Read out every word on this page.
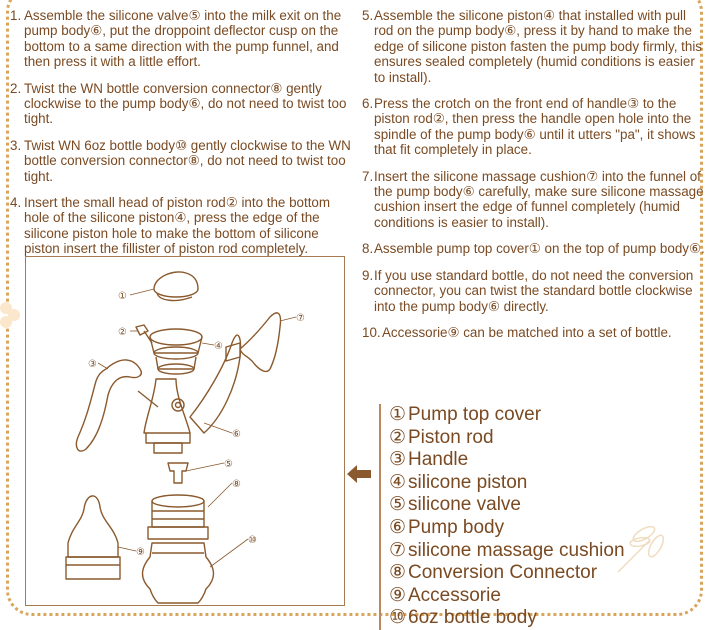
1. Assemble the silicone valve⑤ into the milk exit on the pump body⑥, put the droppoint deflector cusp on the bottom to a same direction with the pump funnel, and then press it with a little effort.
2. Twist the WN bottle conversion connector⑧ gently clockwise to the pump body⑥, do not need to twist too tight.
3. Twist WN 6oz bottle body⑩ gently clockwise to the WN bottle conversion connector⑧, do not need to twist too tight.
4. Insert the small head of piston rod② into the bottom hole of the silicone piston④, press the edge of the silicone piston hole to make the bottom of silicone piston insert the fillister of piston rod completely.
5. Assemble the silicone piston④ that installed with pull rod on the pump body⑥, press it by hand to make the edge of silicone piston fasten the pump body firmly, this ensures sealed completely (humid conditions is easier to install).
6. Press the crotch on the front end of handle③ to the piston rod②, then press the handle open hole into the spindle of the pump body⑥ until it utters "pa", it shows that fit completely in place.
7. Insert the silicone massage cushion⑦ into the funnel of the pump body⑥ carefully, make sure silicone massage cushion insert the edge of funnel completely (humid conditions is easier to install).
8. Assemble pump top cover① on the top of pump body⑥.
9. If you use standard bottle, do not need the conversion connector, you can twist the standard bottle clockwise into the pump body⑥ directly.
10. Accessorie⑨ can be matched into a set of bottle.
①
②
③
④
⑤
⑥
⑦
⑧
⑨
⑩
① Pump top cover
② Piston rod
③ Handle
④ silicone piston
⑤ silicone valve
⑥ Pump body
⑦ silicone massage cushion
⑧ Conversion Connector
⑨ Accessorie
⑩ 6oz bottle body
